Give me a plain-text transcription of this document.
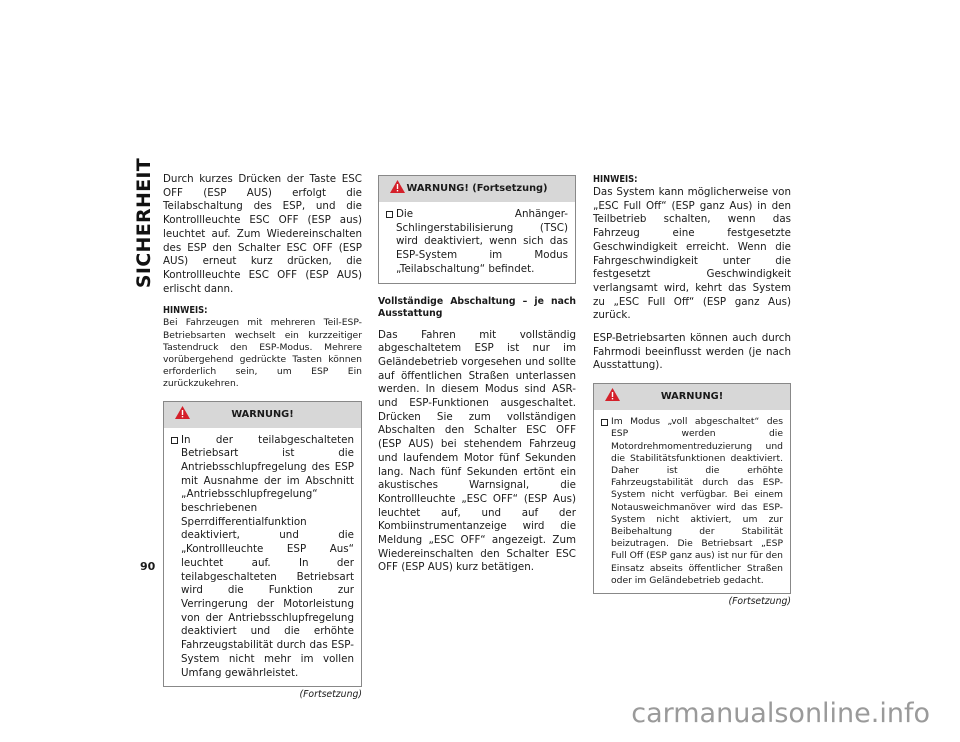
SICHERHEIT
90

Durch kurzes Drücken der Taste ESC OFF (ESP AUS) erfolgt die Teilabschaltung des ESP, und die Kontrollleuchte ESC OFF (ESP aus) leuchtet auf. Zum Wiedereinschalten des ESP den Schalter ESC OFF (ESP AUS) erneut kurz drücken, die Kontrollleuchte ESC OFF (ESP AUS) erlischt dann.

HINWEIS:

Bei Fahrzeugen mit mehreren Teil-ESP-Betriebsarten wechselt ein kurzzeitiger Tastendruck den ESP-Modus. Mehrere vorübergehend gedrückte Tasten können erforderlich sein, um ESP Ein zurückzukehren.

WARNUNG!
In der teilabgeschalteten Betriebsart ist die Antriebsschlupfregelung des ESP mit Ausnahme der im Abschnitt „Antriebsschlupfregelung“ beschriebenen Sperrdifferentialfunktion deaktiviert, und die „Kontrollleuchte ESP Aus“ leuchtet auf. In der teilabgeschalteten Betriebsart wird die Funktion zur Verringerung der Motorleistung von der Antriebsschlupfregelung deaktiviert und die erhöhte Fahrzeugstabilität durch das ESP-System nicht mehr im vollen Umfang gewährleistet.

(Fortsetzung)

WARNUNG! (Fortsetzung)
Die Anhänger-Schlingerstabilisierung (TSC) wird deaktiviert, wenn sich das ESP-System im Modus „Teilabschaltung“ befindet.

Vollständige Abschaltung – je nach Ausstattung

Das Fahren mit vollständig abgeschaltetem ESP ist nur im Geländebetrieb vorgesehen und sollte auf öffentlichen Straßen unterlassen werden. In diesem Modus sind ASR- und ESP-Funktionen ausgeschaltet. Drücken Sie zum vollständigen Abschalten den Schalter ESC OFF (ESP AUS) bei stehendem Fahrzeug und laufendem Motor fünf Sekunden lang. Nach fünf Sekunden ertönt ein akustisches Warnsignal, die Kontrollleuchte „ESC OFF“ (ESP Aus) leuchtet auf, und auf der Kombiinstrumentanzeige wird die Meldung „ESC OFF“ angezeigt. Zum Wiedereinschalten den Schalter ESC OFF (ESP AUS) kurz betätigen.

HINWEIS:

Das System kann möglicherweise von „ESC Full Off“ (ESP ganz Aus) in den Teilbetrieb schalten, wenn das Fahrzeug eine festgesetzte Geschwindigkeit erreicht. Wenn die Fahrgeschwindigkeit unter die festgesetzt Geschwindigkeit verlangsamt wird, kehrt das System zu „ESC Full Off“ (ESP ganz Aus) zurück.

ESP-Betriebsarten können auch durch Fahrmodi beeinflusst werden (je nach Ausstattung).

WARNUNG!
Im Modus „voll abgeschaltet“ des ESP werden die Motordrehmomentreduzierung und die Stabilitätsfunktionen deaktiviert. Daher ist die erhöhte Fahrzeugstabilität durch das ESP-System nicht verfügbar. Bei einem Notausweichmanöver wird das ESP-System nicht aktiviert, um zur Beibehaltung der Stabilität beizutragen. Die Betriebsart „ESP Full Off (ESP ganz aus) ist nur für den Einsatz abseits öffentlicher Straßen oder im Geländebetrieb gedacht.

(Fortsetzung)

carmanualsonline.info
